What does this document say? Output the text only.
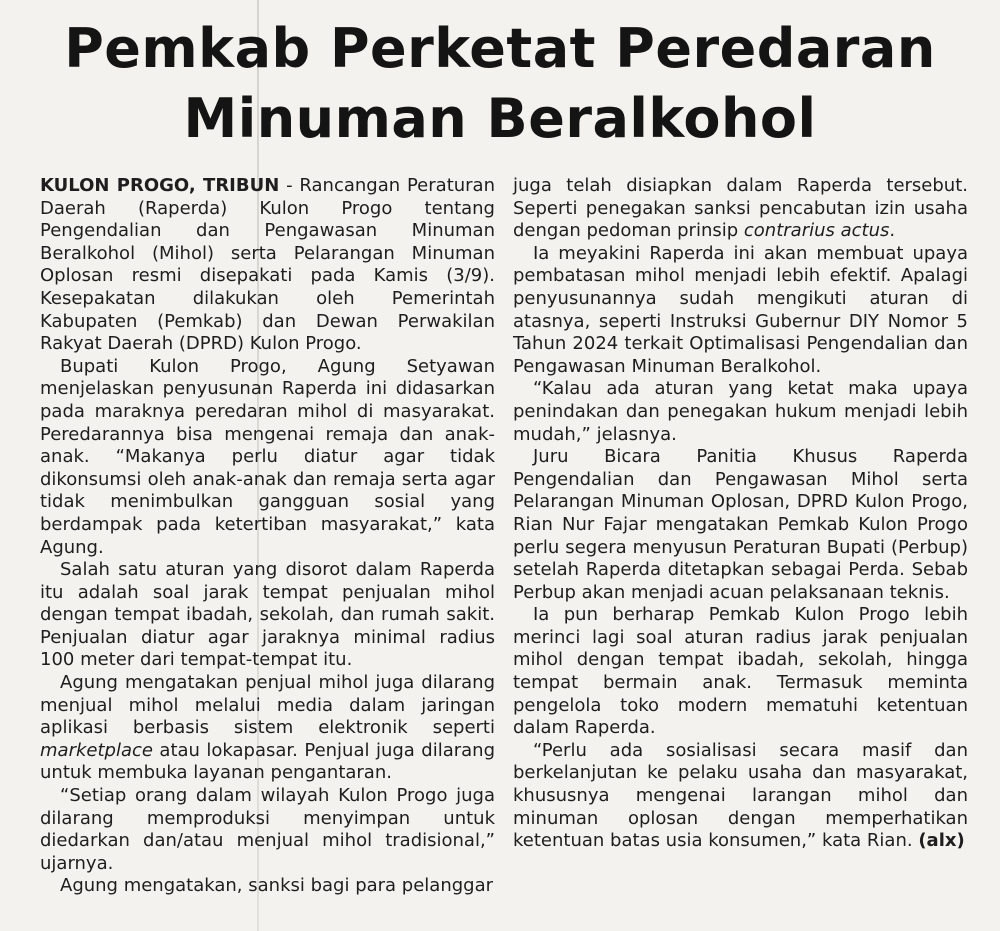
Pemkab Perketat Peredaran
Minuman Beralkohol

KULON PROGO, TRIBUN - Rancangan Peraturan Daerah (Raperda) Kulon Progo tentang Pengendalian dan Pengawasan Minuman Beralkohol (Mihol) serta Pelarangan Minuman Oplosan resmi disepakati pada Kamis (3/9). Kesepakatan dilakukan oleh Pemerintah Kabupaten (Pemkab) dan Dewan Perwakilan Rakyat Daerah (DPRD) Kulon Progo.

Bupati Kulon Progo, Agung Setyawan menjelaskan penyusunan Raperda ini didasarkan pada maraknya peredaran mihol di masyarakat. Peredarannya bisa mengenai remaja dan anak-anak. “Makanya perlu diatur agar tidak dikonsumsi oleh anak-anak dan remaja serta agar tidak menimbulkan gangguan sosial yang berdampak pada ketertiban masyarakat,” kata Agung.

Salah satu aturan yang disorot dalam Raperda itu adalah soal jarak tempat penjualan mihol dengan tempat ibadah, sekolah, dan rumah sakit. Penjualan diatur agar jaraknya minimal radius 100 meter dari tempat-tempat itu.

Agung mengatakan penjual mihol juga dilarang menjual mihol melalui media dalam jaringan aplikasi berbasis sistem elektronik seperti marketplace atau lokapasar. Penjual juga dilarang untuk membuka layanan pengantaran.

“Setiap orang dalam wilayah Kulon Progo juga dilarang memproduksi menyimpan untuk diedarkan dan/atau menjual mihol tradisional,” ujarnya.

Agung mengatakan, sanksi bagi para pelanggar

juga telah disiapkan dalam Raperda tersebut. Seperti penegakan sanksi pencabutan izin usaha dengan pedoman prinsip contrarius actus.

Ia meyakini Raperda ini akan membuat upaya pembatasan mihol menjadi lebih efektif. Apalagi penyusunannya sudah mengikuti aturan di atasnya, seperti Instruksi Gubernur DIY Nomor 5 Tahun 2024 terkait Optimalisasi Pengendalian dan Pengawasan Minuman Beralkohol.

“Kalau ada aturan yang ketat maka upaya penindakan dan penegakan hukum menjadi lebih mudah,” jelasnya.

Juru Bicara Panitia Khusus Raperda Pengendalian dan Pengawasan Mihol serta Pelarangan Minuman Oplosan, DPRD Kulon Progo, Rian Nur Fajar mengatakan Pemkab Kulon Progo perlu segera menyusun Peraturan Bupati (Perbup) setelah Raperda ditetapkan sebagai Perda. Sebab Perbup akan menjadi acuan pelaksanaan teknis.

Ia pun berharap Pemkab Kulon Progo lebih merinci lagi soal aturan radius jarak penjualan mihol dengan tempat ibadah, sekolah, hingga tempat bermain anak. Termasuk meminta pengelola toko modern mematuhi ketentuan dalam Raperda.

“Perlu ada sosialisasi secara masif dan berkelanjutan ke pelaku usaha dan masyarakat, khususnya mengenai larangan mihol dan minuman oplosan dengan memperhatikan ketentuan batas usia konsumen,” kata Rian. (alx)
